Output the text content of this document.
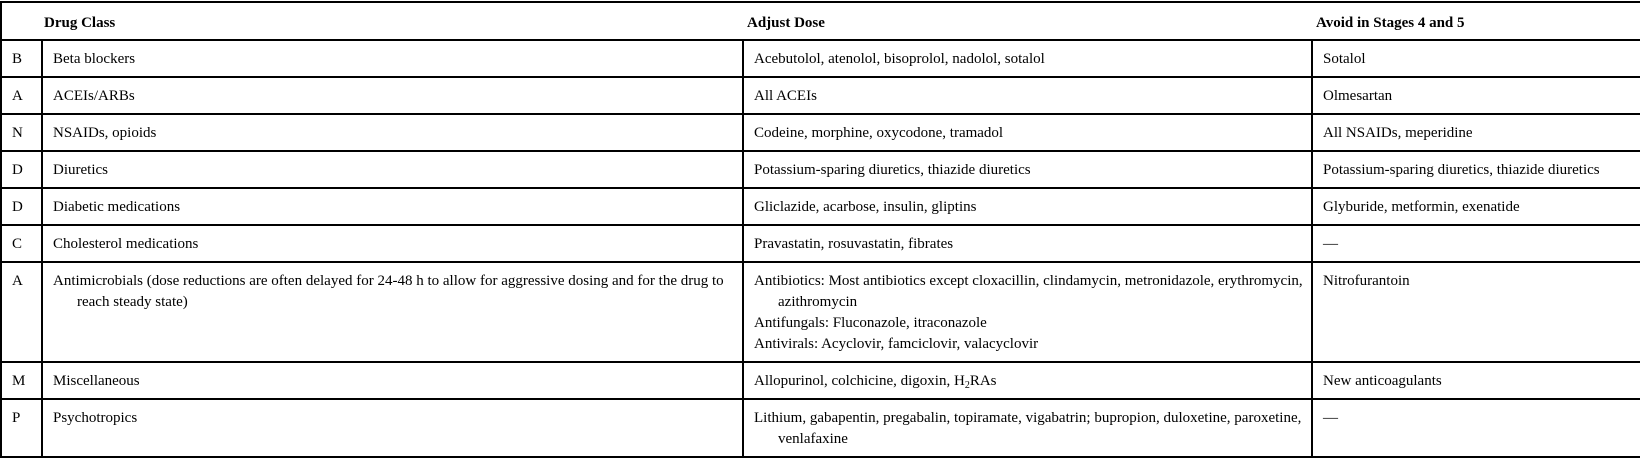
	Drug Class	Adjust Dose	Avoid in Stages 4 and 5
B	Beta blockers	Acebutolol, atenolol, bisoprolol, nadolol, sotalol	Sotalol

A	ACEIs/ARBs	All ACEIs	Olmesartan

N	NSAIDs, opioids	Codeine, morphine, oxycodone, tramadol	All NSAIDs, meperidine

D	Diuretics	Potassium-sparing diuretics, thiazide diuretics	Potassium-sparing diuretics, thiazide diuretics

D	Diabetic medications	Gliclazide, acarbose, insulin, gliptins	Glyburide, metformin, exenatide

C	Cholesterol medications	Pravastatin, rosuvastatin, fibrates	—

A	Antimicrobials (dose reductions are often delayed for 24-48 h to allow for aggressive dosing and for the drug to reach steady state)	Antibiotics: Most antibiotics except cloxacillin, clindamycin, metronidazole, erythromycin, azithromycin
Antifungals: Fluconazole, itraconazole
Antivirals: Acyclovir, famciclovir, valacyclovir	Nitrofurantoin

M	Miscellaneous	Allopurinol, colchicine, digoxin, $H_2RAs$	New anticoagulants

P	Psychotropics	Lithium, gabapentin, pregabalin, topiramate, vigabatrin; bupropion, duloxetine, paroxetine, venlafaxine	—
